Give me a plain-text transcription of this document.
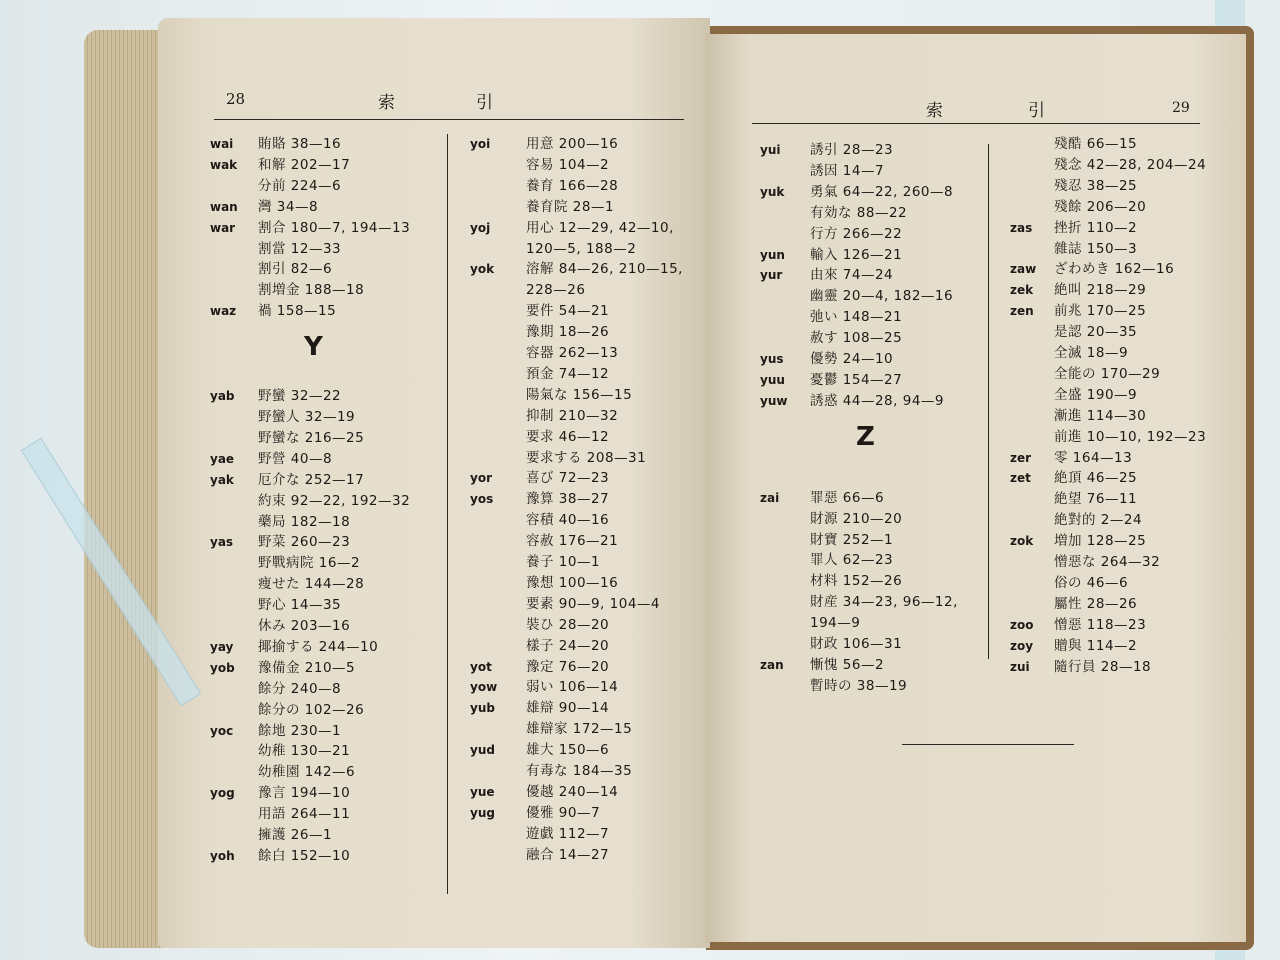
28	索	引
wai 賄賂 38—16
wak 和解 202—17
分前 224—6
wan 灣 34—8
war 割合 180—7, 194—13
割當 12—33
割引 82—6
割増金 188—18
waz 禍 158—15
Y
yab 野蠻 32—22
野蠻人 32—19
野蠻な 216—25
yae 野營 40—8
yak 厄介な 252—17
約束 92—22, 192—32
藥局 182—18
yas 野菜 260—23
野戰病院 16—2
痩せた 144—28
野心 14—35
休み 203—16
yay 揶揄する 244—10
yob 豫備金 210—5
餘分 240—8
餘分の 102—26
yoc 餘地 230—1
幼稚 130—21
幼稚園 142—6
yog 豫言 194—10
用語 264—11
擁護 26—1
yoh 餘白 152—10
yoi	用意 200—16
容易 104—2
養育 166—28
養育院 28—1
yoj	用心 12—29, 42—10,
120—5, 188—2
yok 溶解 84—26, 210—15,
228—26
要件 54—21
豫期 18—26
容器 262—13
預金 74—12
陽氣な 156—15
抑制 210—32
要求 46—12
要求する 208—31
yor	喜び 72—23
yos 豫算 38—27
容積 40—16
容赦 176—21
養子 10—1
豫想 100—16
要素 90—9, 104—4
裝ひ 28—20
樣子 24—20
yot	豫定 76—20
yow 弱い 106—14
yub 雄辯 90—14
雄辯家 172—15
yud 雄大 150—6
有毒な 184—35
yue 優越 240—14
yug 優雅 90—7
遊戯 112—7
融合 14—27
索	引	29
yui 誘引 28—23
誘因 14—7
yuk 勇氣 64—22, 260—8
有効な 88—22
行方 266—22
yun 輸入 126—21
yur 由來 74—24
幽靈 20—4, 182—16
弛い 148—21
赦す 108—25
yus 優勢 24—10
yuu 憂鬱 154—27
yuw 誘惑 44—28, 94—9
Z
zai 罪惡 66—6
財源 210—20
財寶 252—1
罪人 62—23
材料 152—26
財産 34—23, 96—12,
194—9
財政 106—31
zan 慚愧 56—2
暫時の 38—19
殘酷 66—15
殘念 42—28, 204—24
殘忍 38—25
殘餘 206—20
zas 挫折 110—2
雜誌 150—3
zaw ざわめき 162—16
zek 絶叫 218—29
zen 前兆 170—25
是認 20—35
全滅 18—9
全能の 170—29
全盛 190—9
漸進 114—30
前進 10—10, 192—23
zer 零 164—13
zet 絶頂 46—25
絶望 76—11
絶對的 2—24
zok 増加 128—25
憎惡な 264—32
俗の 46—6
屬性 28—26
zoo 憎惡 118—23
zoy 贈與 114—2
zui 隨行員 28—18
